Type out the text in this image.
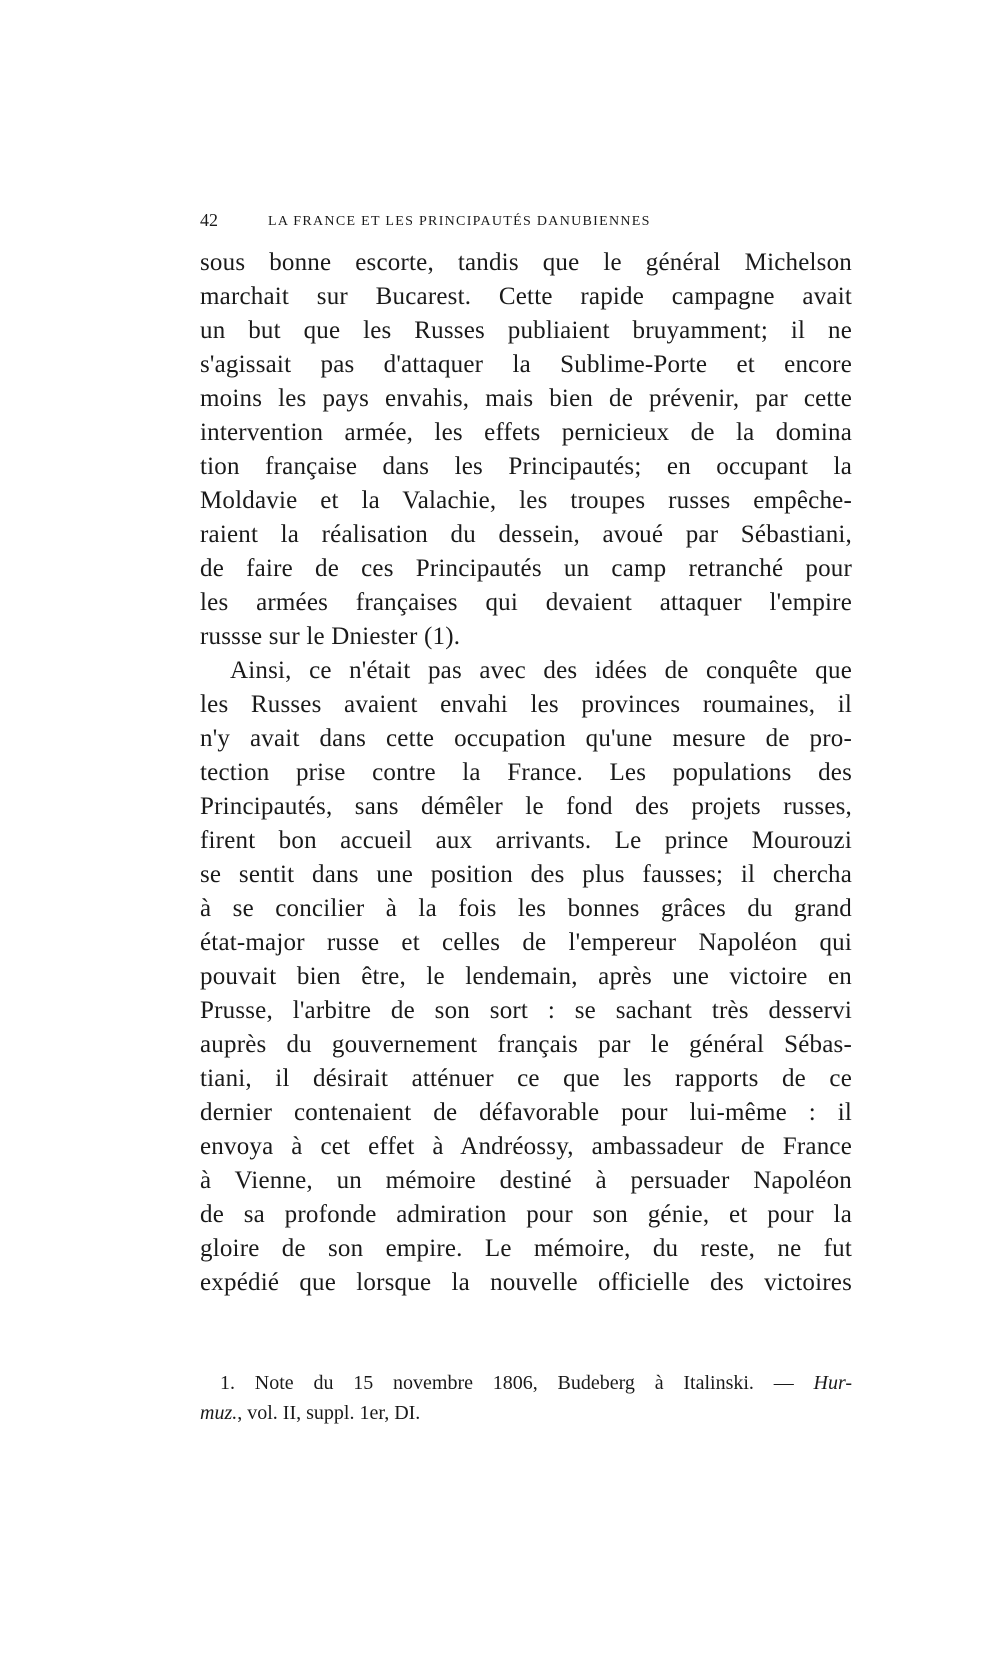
42	LA FRANCE ET LES PRINCIPAUTÉS DANUBIENNES
sous bonne escorte, tandis que le général Michelson
marchait sur Bucarest. Cette rapide campagne avait
un but que les Russes publiaient bruyamment; il ne
s'agissait pas d'attaquer la Sublime-Porte et encore
moins les pays envahis, mais bien de prévenir, par cette
intervention armée, les effets pernicieux de la domina
tion française dans les Principautés; en occupant la
Moldavie et la Valachie, les troupes russes empêche-
raient la réalisation du dessein, avoué par Sébastiani,
de faire de ces Principautés un camp retranché pour
les armées françaises qui devaient attaquer l'empire
russse sur le Dniester (1).
Ainsi, ce n'était pas avec des idées de conquête que
les Russes avaient envahi les provinces roumaines, il
n'y avait dans cette occupation qu'une mesure de pro-
tection prise contre la France. Les populations des
Principautés, sans démêler le fond des projets russes,
firent bon accueil aux arrivants. Le prince Mourouzi
se sentit dans une position des plus fausses; il chercha
à se concilier à la fois les bonnes grâces du grand
état-major russe et celles de l'empereur Napoléon qui
pouvait bien être, le lendemain, après une victoire en
Prusse, l'arbitre de son sort : se sachant très desservi
auprès du gouvernement français par le général Sébas-
tiani, il désirait atténuer ce que les rapports de ce
dernier contenaient de défavorable pour lui-même : il
envoya à cet effet à Andréossy, ambassadeur de France
à Vienne, un mémoire destiné à persuader Napoléon
de sa profonde admiration pour son génie, et pour la
gloire de son empire. Le mémoire, du reste, ne fut
expédié que lorsque la nouvelle officielle des victoires
1. Note du 15 novembre 1806, Budeberg à Italinski. — Hur-
muz., vol. II, suppl. 1er, DI.
